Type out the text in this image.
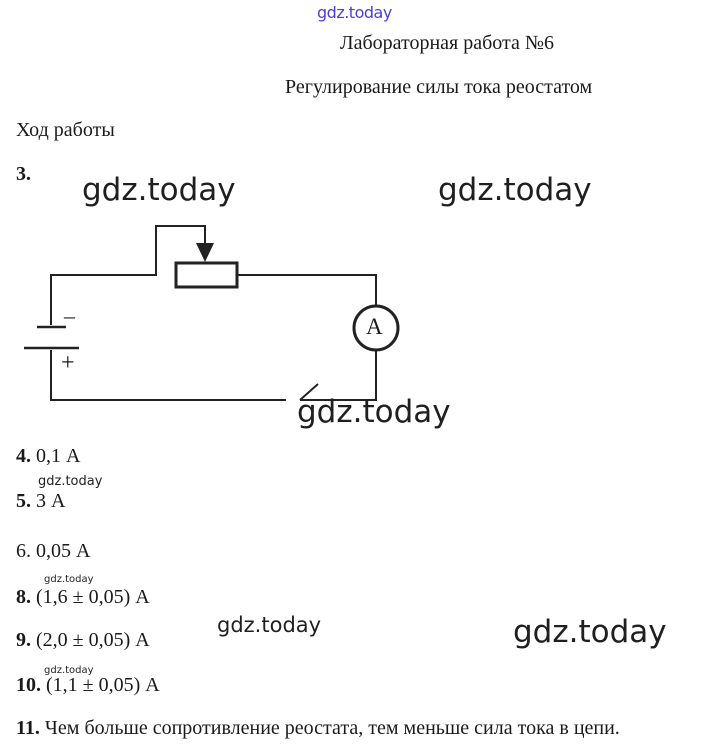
gdz.today
Лабораторная работа №6
Регулирование силы тока реостатом
Ход работы
3. gdz.today	gdz.today
–
+
A
gdz.today
4. 0,1 А
gdz.today
5. 3 А
6. 0,05 А
gdz.today
8. (1,6 ± 0,05) А
gdz.today	gdz.today
9. (2,0 ± 0,05) А
gdz.today
10. (1,1 ± 0,05) А
11. Чем больше сопротивление реостата, тем меньше сила тока в цепи.
